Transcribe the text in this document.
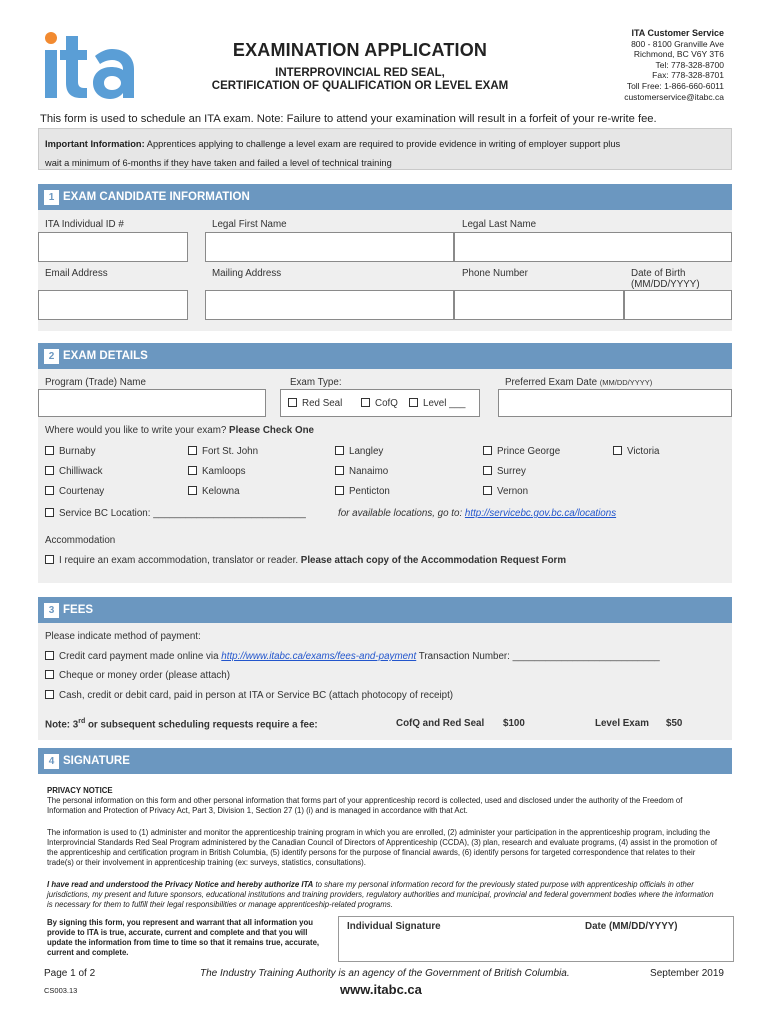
EXAMINATION APPLICATION
INTERPROVINCIAL RED SEAL,
CERTIFICATION OF QUALIFICATION OR LEVEL EXAM
ITA Customer Service
800 - 8100 Granville Ave
Richmond, BC V6Y 3T6
Tel: 778-328-8700
Fax: 778-328-8701
Toll Free: 1-866-660-6011
customerservice@itabc.ca
This form is used to schedule an ITA exam. Note: Failure to attend your examination will result in a forfeit of your re-write fee.
Important Information: Apprentices applying to challenge a level exam are required to provide evidence in writing of employer support plus
wait a minimum of 6-months if they have taken and failed a level of technical training
1 EXAM CANDIDATE INFORMATION
ITA Individual ID #	Legal First Name	Legal Last Name
Email Address	Mailing Address	Phone Number	Date of Birth
(MM/DD/YYYY)
2 EXAM DETAILS
Program (Trade) Name	Exam Type:	Preferred Exam Date (MM/DD/YYYY)
Red Seal	CofQ	Level ___
Where would you like to write your exam? Please Check One
Burnaby	Fort St. John	Langley	Prince George	Victoria
Chilliwack	Kamloops	Nanaimo	Surrey
Courtenay	Kelowna	Penticton	Vernon
Service BC Location: ____________________________	for available locations, go to: http://servicebc.gov.bc.ca/locations
Accommodation
I require an exam accommodation, translator or reader. Please attach copy of the Accommodation Request Form
3 FEES
Please indicate method of payment:
Credit card payment made online via http://www.itabc.ca/exams/fees-and-payment Transaction Number: ___________________________
Cheque or money order (please attach)
Cash, credit or debit card, paid in person at ITA or Service BC (attach photocopy of receipt)
Note: 3rd or subsequent scheduling requests require a fee:	CofQ and Red Seal $100	Level Exam $50
4 SIGNATURE
PRIVACY NOTICE
The personal information on this form and other personal information that forms part of your apprenticeship record is collected, used and disclosed under the authority of the Freedom of Information and Protection of Privacy Act, Part 3, Division 1, Section 27 (1) (i) and is managed in accordance with that Act.
The information is used to (1) administer and monitor the apprenticeship training program in which you are enrolled, (2) administer your participation in the apprenticeship program, including the Interprovincial Standards Red Seal Program administered by the Canadian Council of Directors of Apprenticeship (CCDA), (3) plan, research and evaluate programs, (4) assist in the promotion of the apprenticeship and certification program in British Columbia, (5) identify persons for the purpose of financial awards, (6) identify persons for targeted correspondence that relates to their trade(s) or their involvement in apprenticeship training (ex: surveys, statistics, consultations).
I have read and understood the Privacy Notice and hereby authorize ITA to share my personal information record for the previously stated purpose with apprenticeship officials in other jurisdictions, my present and future sponsors, educational institutions and training providers, regulatory authorities and municipal, provincial and federal government bodies where the information is necessary for them to fulfill their legal responsibilities or manage apprenticeship-related programs.
By signing this form, you represent and warrant that all information you provide to ITA is true, accurate, current and complete and that you will update the information from time to time so that it remains true, accurate, current and complete.
Individual Signature	Date (MM/DD/YYYY)
Page 1 of 2
CS003.13
The Industry Training Authority is an agency of the Government of British Columbia.
www.itabc.ca
September 2019
